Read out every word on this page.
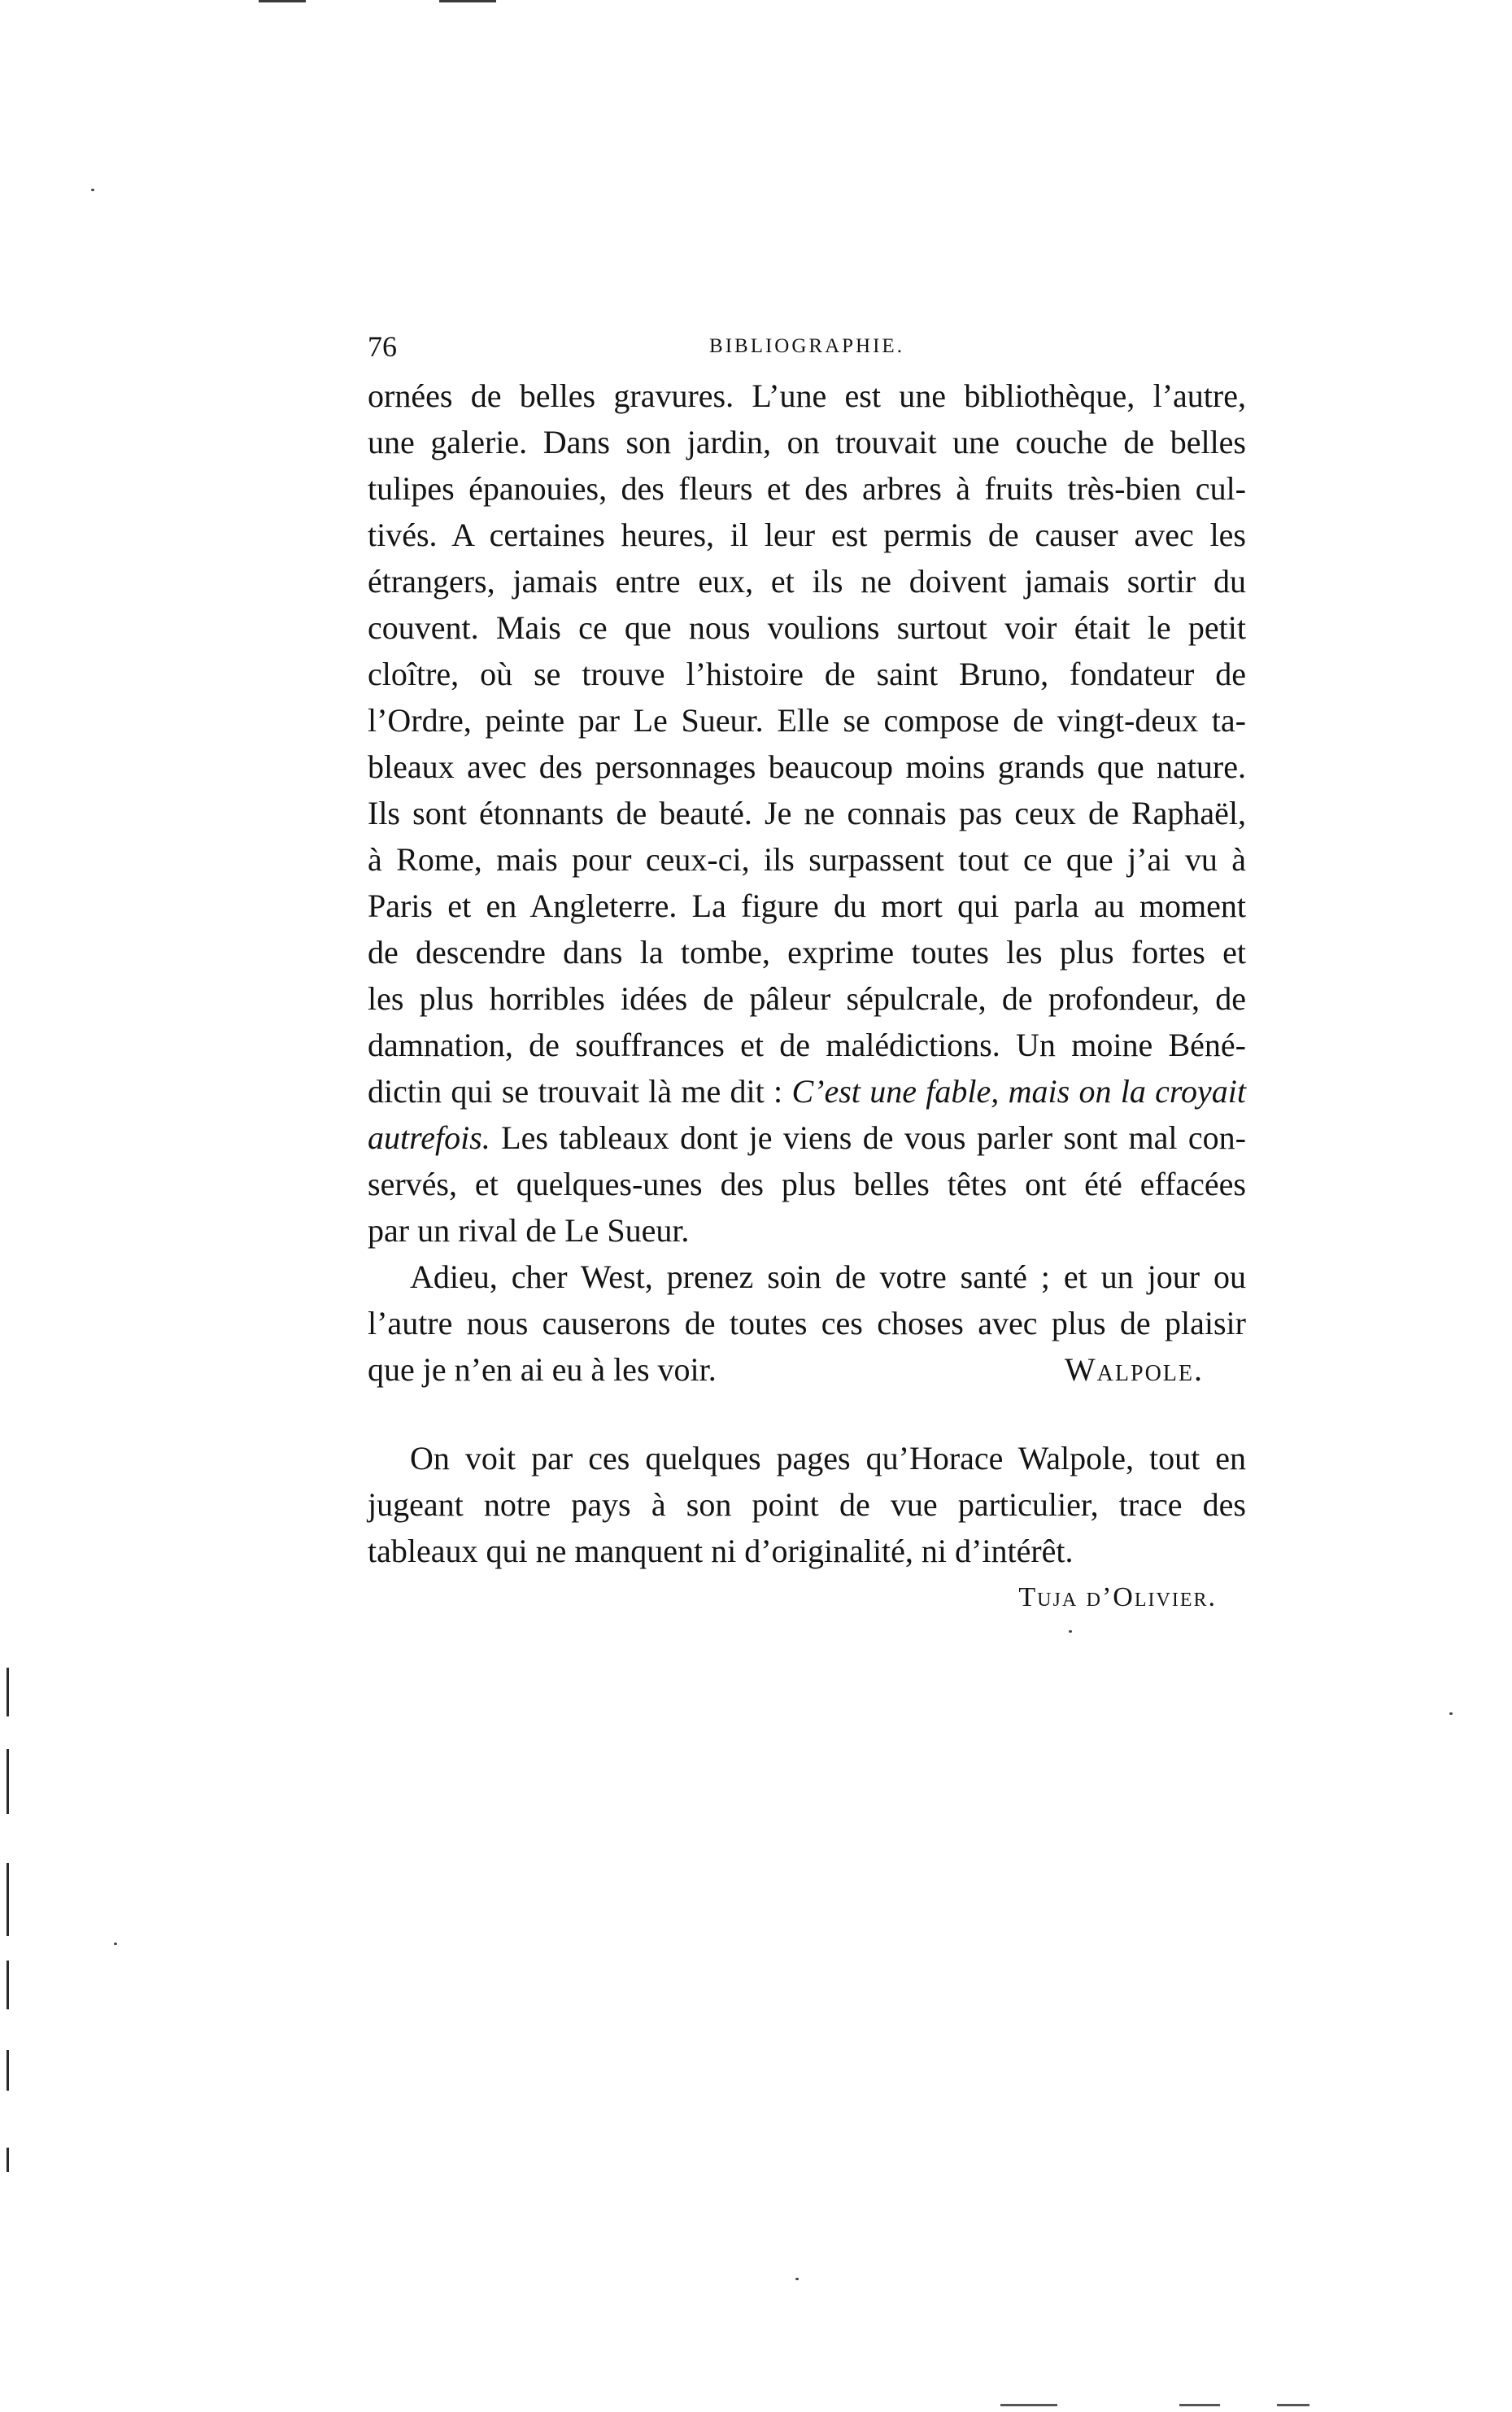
76	BIBLIOGRAPHIE.
ornées de belles gravures. L’une est une bibliothèque, l’autre,
une galerie. Dans son jardin, on trouvait une couche de belles
tulipes épanouies, des fleurs et des arbres à fruits très-bien cul-
tivés. A certaines heures, il leur est permis de causer avec les
étrangers, jamais entre eux, et ils ne doivent jamais sortir du
couvent. Mais ce que nous voulions surtout voir était le petit
cloître, où se trouve l’histoire de saint Bruno, fondateur de
l’Ordre, peinte par Le Sueur. Elle se compose de vingt-deux ta-
bleaux avec des personnages beaucoup moins grands que nature.
Ils sont étonnants de beauté. Je ne connais pas ceux de Raphaël,
à Rome, mais pour ceux-ci, ils surpassent tout ce que j’ai vu à
Paris et en Angleterre. La figure du mort qui parla au moment
de descendre dans la tombe, exprime toutes les plus fortes et
les plus horribles idées de pâleur sépulcrale, de profondeur, de
damnation, de souffrances et de malédictions. Un moine Béné-
dictin qui se trouvait là me dit : C’est une fable, mais on la croyait
autrefois. Les tableaux dont je viens de vous parler sont mal con-
servés, et quelques-unes des plus belles têtes ont été effacées
par un rival de Le Sueur.
Adieu, cher West, prenez soin de votre santé ; et un jour ou
l’autre nous causerons de toutes ces choses avec plus de plaisir
que je n’en ai eu à les voir.	Walpole.
On voit par ces quelques pages qu’Horace Walpole, tout en
jugeant notre pays à son point de vue particulier, trace des
tableaux qui ne manquent ni d’originalité, ni d’intérêt.
Tuja d’Olivier.
